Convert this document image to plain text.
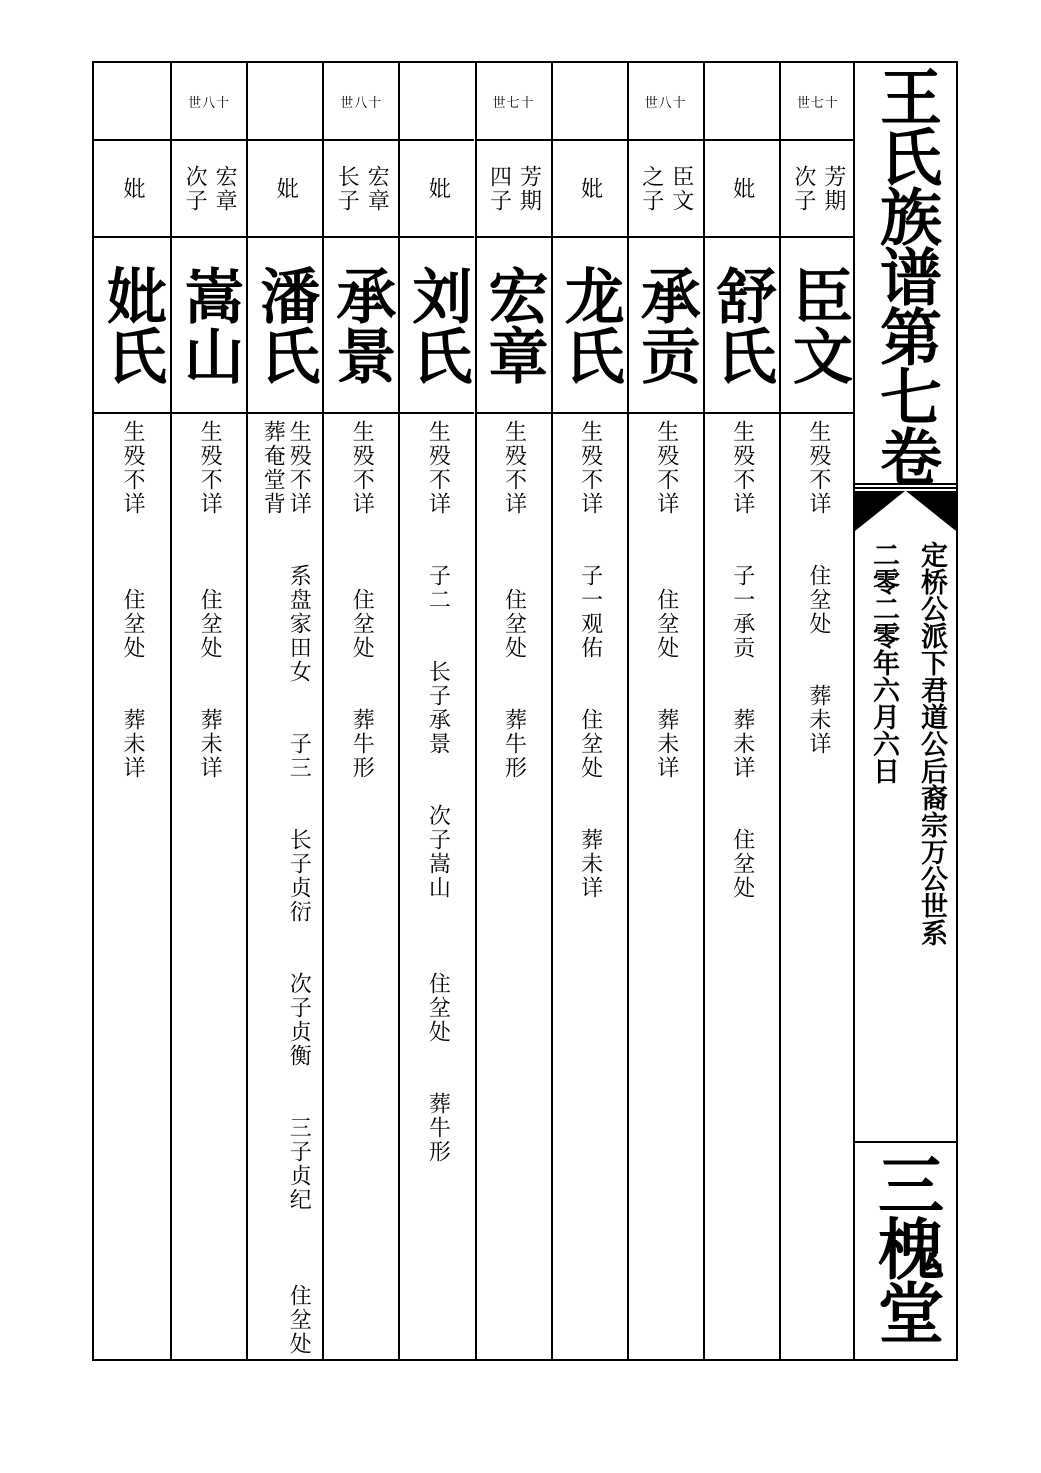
世七十
芳期
次子
臣文
生殁不详　　住坌处　　葬未详
妣
舒氏
生殁不详　　子一承贡　　葬未详　　住坌处
世八十
臣文
之子
承贡
生殁不详　　　住坌处　　葬未详
妣
龙氏
生殁不详　　子一观佑　　住坌处　　葬未详
世七十
芳期
四子
宏章
生殁不详　　　住坌处　　葬牛形
妣
刘氏
生殁不详　　子二　　长子承景　　次子嵩山　　　住坌处　　葬牛形
世八十
宏章
长子
承景
生殁不详　　　住坌处　　葬牛形
妣
潘氏
生殁不详　　系盘家田女　　子三　　长子贞衍　　次子贞衡　　三子贞纪　　　住坌处
葬奄堂背
世八十
宏章
次子
嵩山
生殁不详　　　住坌处　　葬未详
妣
妣氏
生殁不详　　　住坌处　　葬未详
王氏族谱第七卷
定桥公派下君道公后裔宗万公世系
二零二零年六月六日
三槐堂
